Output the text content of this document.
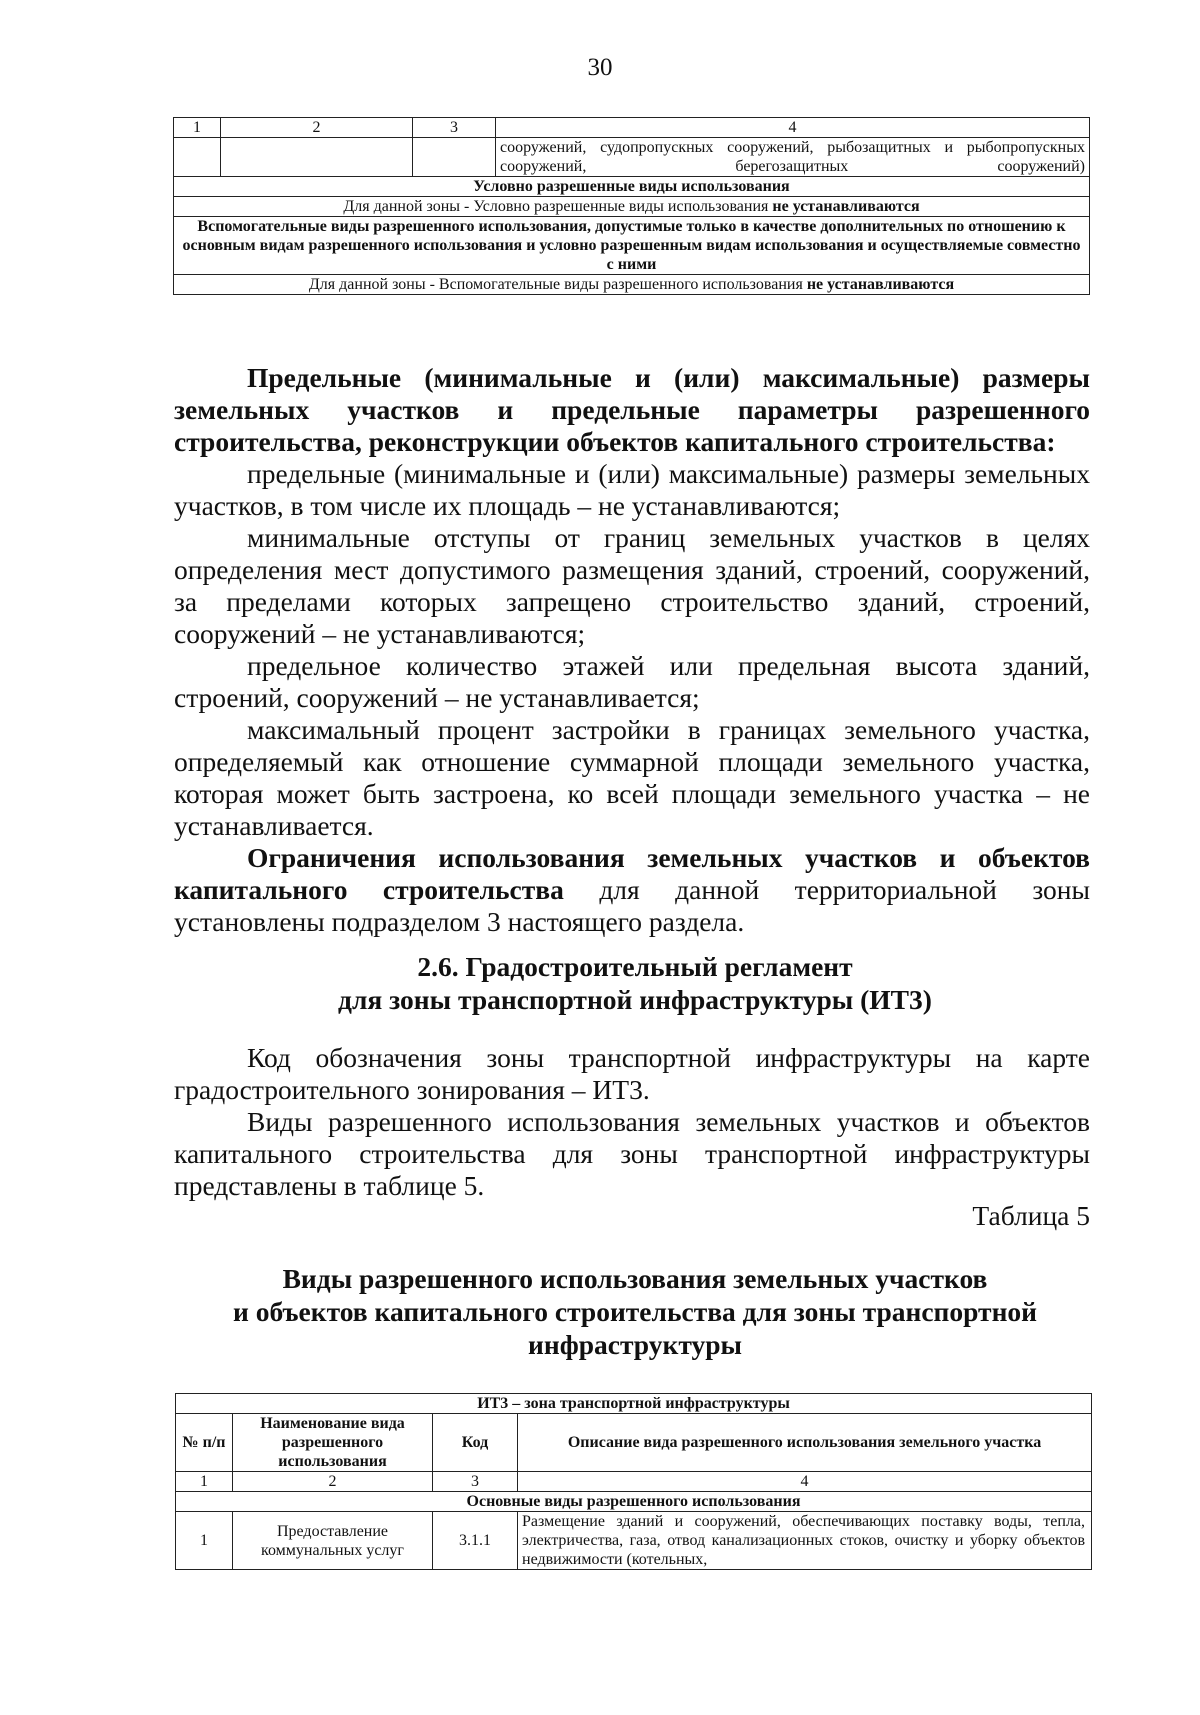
30
1	2	3	4
			сооружений, судопропускных сооружений, рыбозащитных и рыбопропускных сооружений, берегозащитных сооружений)
Условно разрешенные виды использования			
Для данной зоны - Условно разрешенные виды использования не устанавливаются			
Вспомогательные виды разрешенного использования, допустимые только в качестве дополнительных по отношению к основным видам разрешенного использования и условно разрешенным видам использования и осуществляемые совместно с ними			
Для данной зоны - Вспомогательные виды разрешенного использования не устанавливаются			

Предельные (минимальные и (или) максимальные) размеры земельных участков и предельные параметры разрешенного строительства, реконструкции объектов капитального строительства:

предельные (минимальные и (или) максимальные) размеры земельных участков, в том числе их площадь – не устанавливаются;

минимальные отступы от границ земельных участков в целях определения мест допустимого размещения зданий, строений, сооружений, за пределами которых запрещено строительство зданий, строений, сооружений – не устанавливаются;

предельное количество этажей или предельная высота зданий, строений, сооружений – не устанавливается;

максимальный процент застройки в границах земельного участка, определяемый как отношение суммарной площади земельного участка, которая может быть застроена, ко всей площади земельного участка – не устанавливается.

Ограничения использования земельных участков и объектов капитального строительства для данной территориальной зоны установлены подразделом 3 настоящего раздела.

2.6. Градостроительный регламент
для зоны транспортной инфраструктуры (ИТ3)

Код обозначения зоны транспортной инфраструктуры на карте градостроительного зонирования – ИТ3.

Виды разрешенного использования земельных участков и объектов капитального строительства для зоны транспортной инфраструктуры представлены в таблице 5.

Таблица 5
Виды разрешенного использования земельных участков
и объектов капитального строительства для зоны транспортной
инфраструктуры
ИТ3 – зона транспортной инфраструктуры			
№ п/п	Наименование вида разрешенного использования	Код	Описание вида разрешенного использования земельного участка
1	2	3	4
Основные виды разрешенного использования			
1	Предоставление коммунальных услуг	3.1.1	Размещение зданий и сооружений, обеспечивающих поставку воды, тепла, электричества, газа, отвод канализационных стоков, очистку и уборку объектов недвижимости (котельных,
